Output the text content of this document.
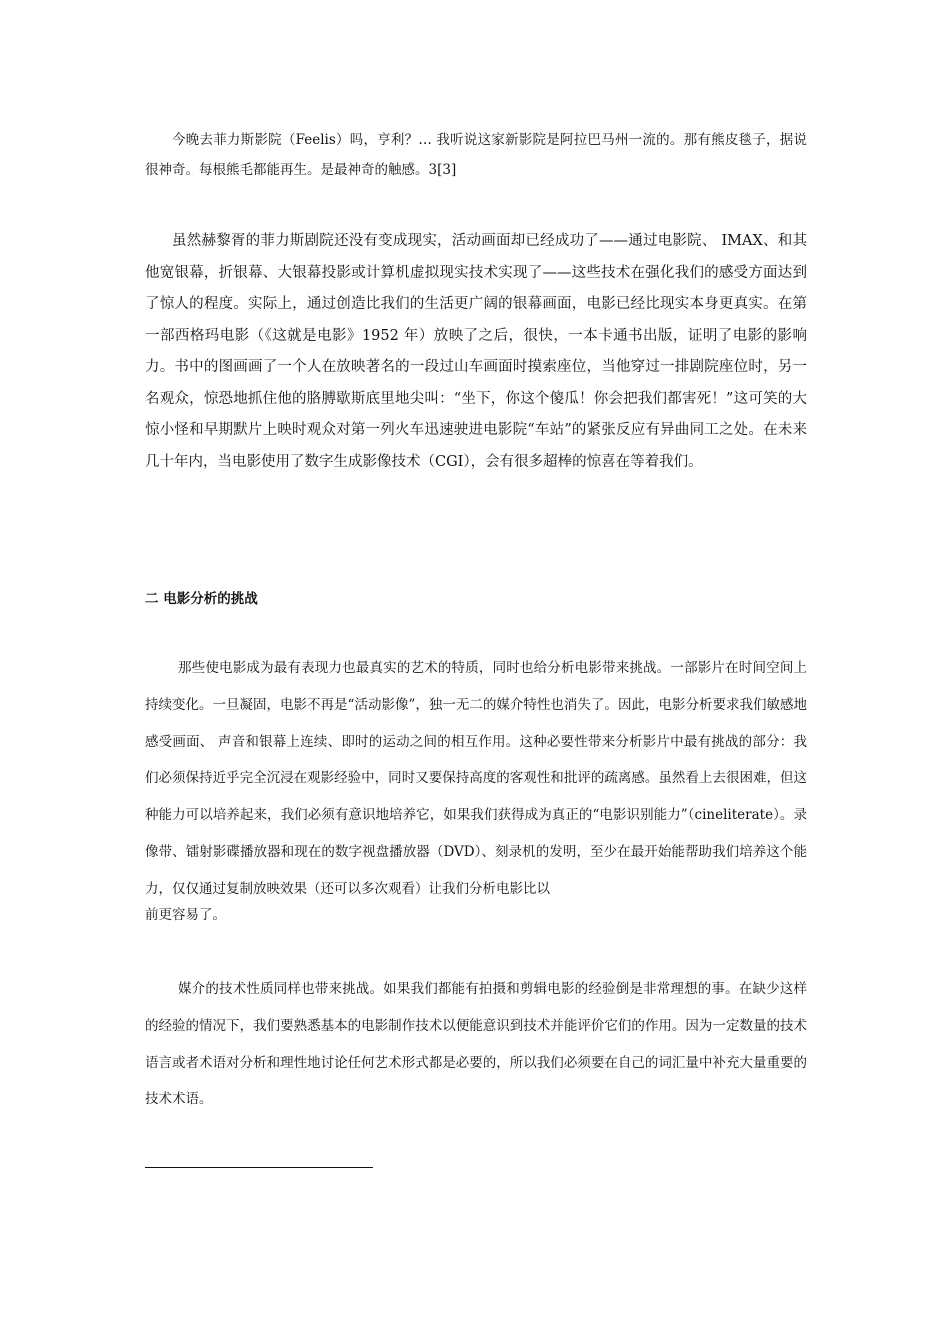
今晚去菲力斯影院（Feelis）吗，亨利？… 我听说这家新影院是阿拉巴马州一流的。那有熊皮毯子，据说很神奇。每根熊毛都能再生。是最神奇的触感。3[3]

虽然赫黎胥的菲力斯剧院还没有变成现实，活动画面却已经成功了——通过电影院、 IMAX、和其他宽银幕，折银幕、大银幕投影或计算机虚拟现实技术实现了——这些技术在强化我们的感受方面达到了惊人的程度。实际上，通过创造比我们的生活更广阔的银幕画面，电影已经比现实本身更真实。在第一部西格玛电影（《这就是电影》1952 年）放映了之后，很快，一本卡通书出版，证明了电影的影响力。书中的图画画了一个人在放映著名的一段过山车画面时摸索座位，当他穿过一排剧院座位时，另一名观众，惊恐地抓住他的胳膊歇斯底里地尖叫：“坐下，你这个傻瓜！你会把我们都害死！”这可笑的大惊小怪和早期默片上映时观众对第一列火车迅速驶进电影院“车站”的紧张反应有异曲同工之处。在未来几十年内，当电影使用了数字生成影像技术（CGI），会有很多超棒的惊喜在等着我们。

二 电影分析的挑战

那些使电影成为最有表现力也最真实的艺术的特质，同时也给分析电影带来挑战。一部影片在时间空间上持续变化。一旦凝固，电影不再是“活动影像”，独一无二的媒介特性也消失了。因此，电影分析要求我们敏感地感受画面、 声音和银幕上连续、即时的运动之间的相互作用。这种必要性带来分析影片中最有挑战的部分：我们必须保持近乎完全沉浸在观影经验中，同时又要保持高度的客观性和批评的疏离感。虽然看上去很困难，但这种能力可以培养起来，我们必须有意识地培养它，如果我们获得成为真正的“电影识别能力”（cineliterate）。录像带、镭射影碟播放器和现在的数字视盘播放器（DVD）、刻录机的发明，至少在最开始能帮助我们培养这个能力，仅仅通过复制放映效果（还可以多次观看）让我们分析电影比以

前更容易了。

媒介的技术性质同样也带来挑战。如果我们都能有拍摄和剪辑电影的经验倒是非常理想的事。在缺少这样的经验的情况下，我们要熟悉基本的电影制作技术以便能意识到技术并能评价它们的作用。因为一定数量的技术语言或者术语对分析和理性地讨论任何艺术形式都是必要的，所以我们必须要在自己的词汇量中补充大量重要的技术术语。
